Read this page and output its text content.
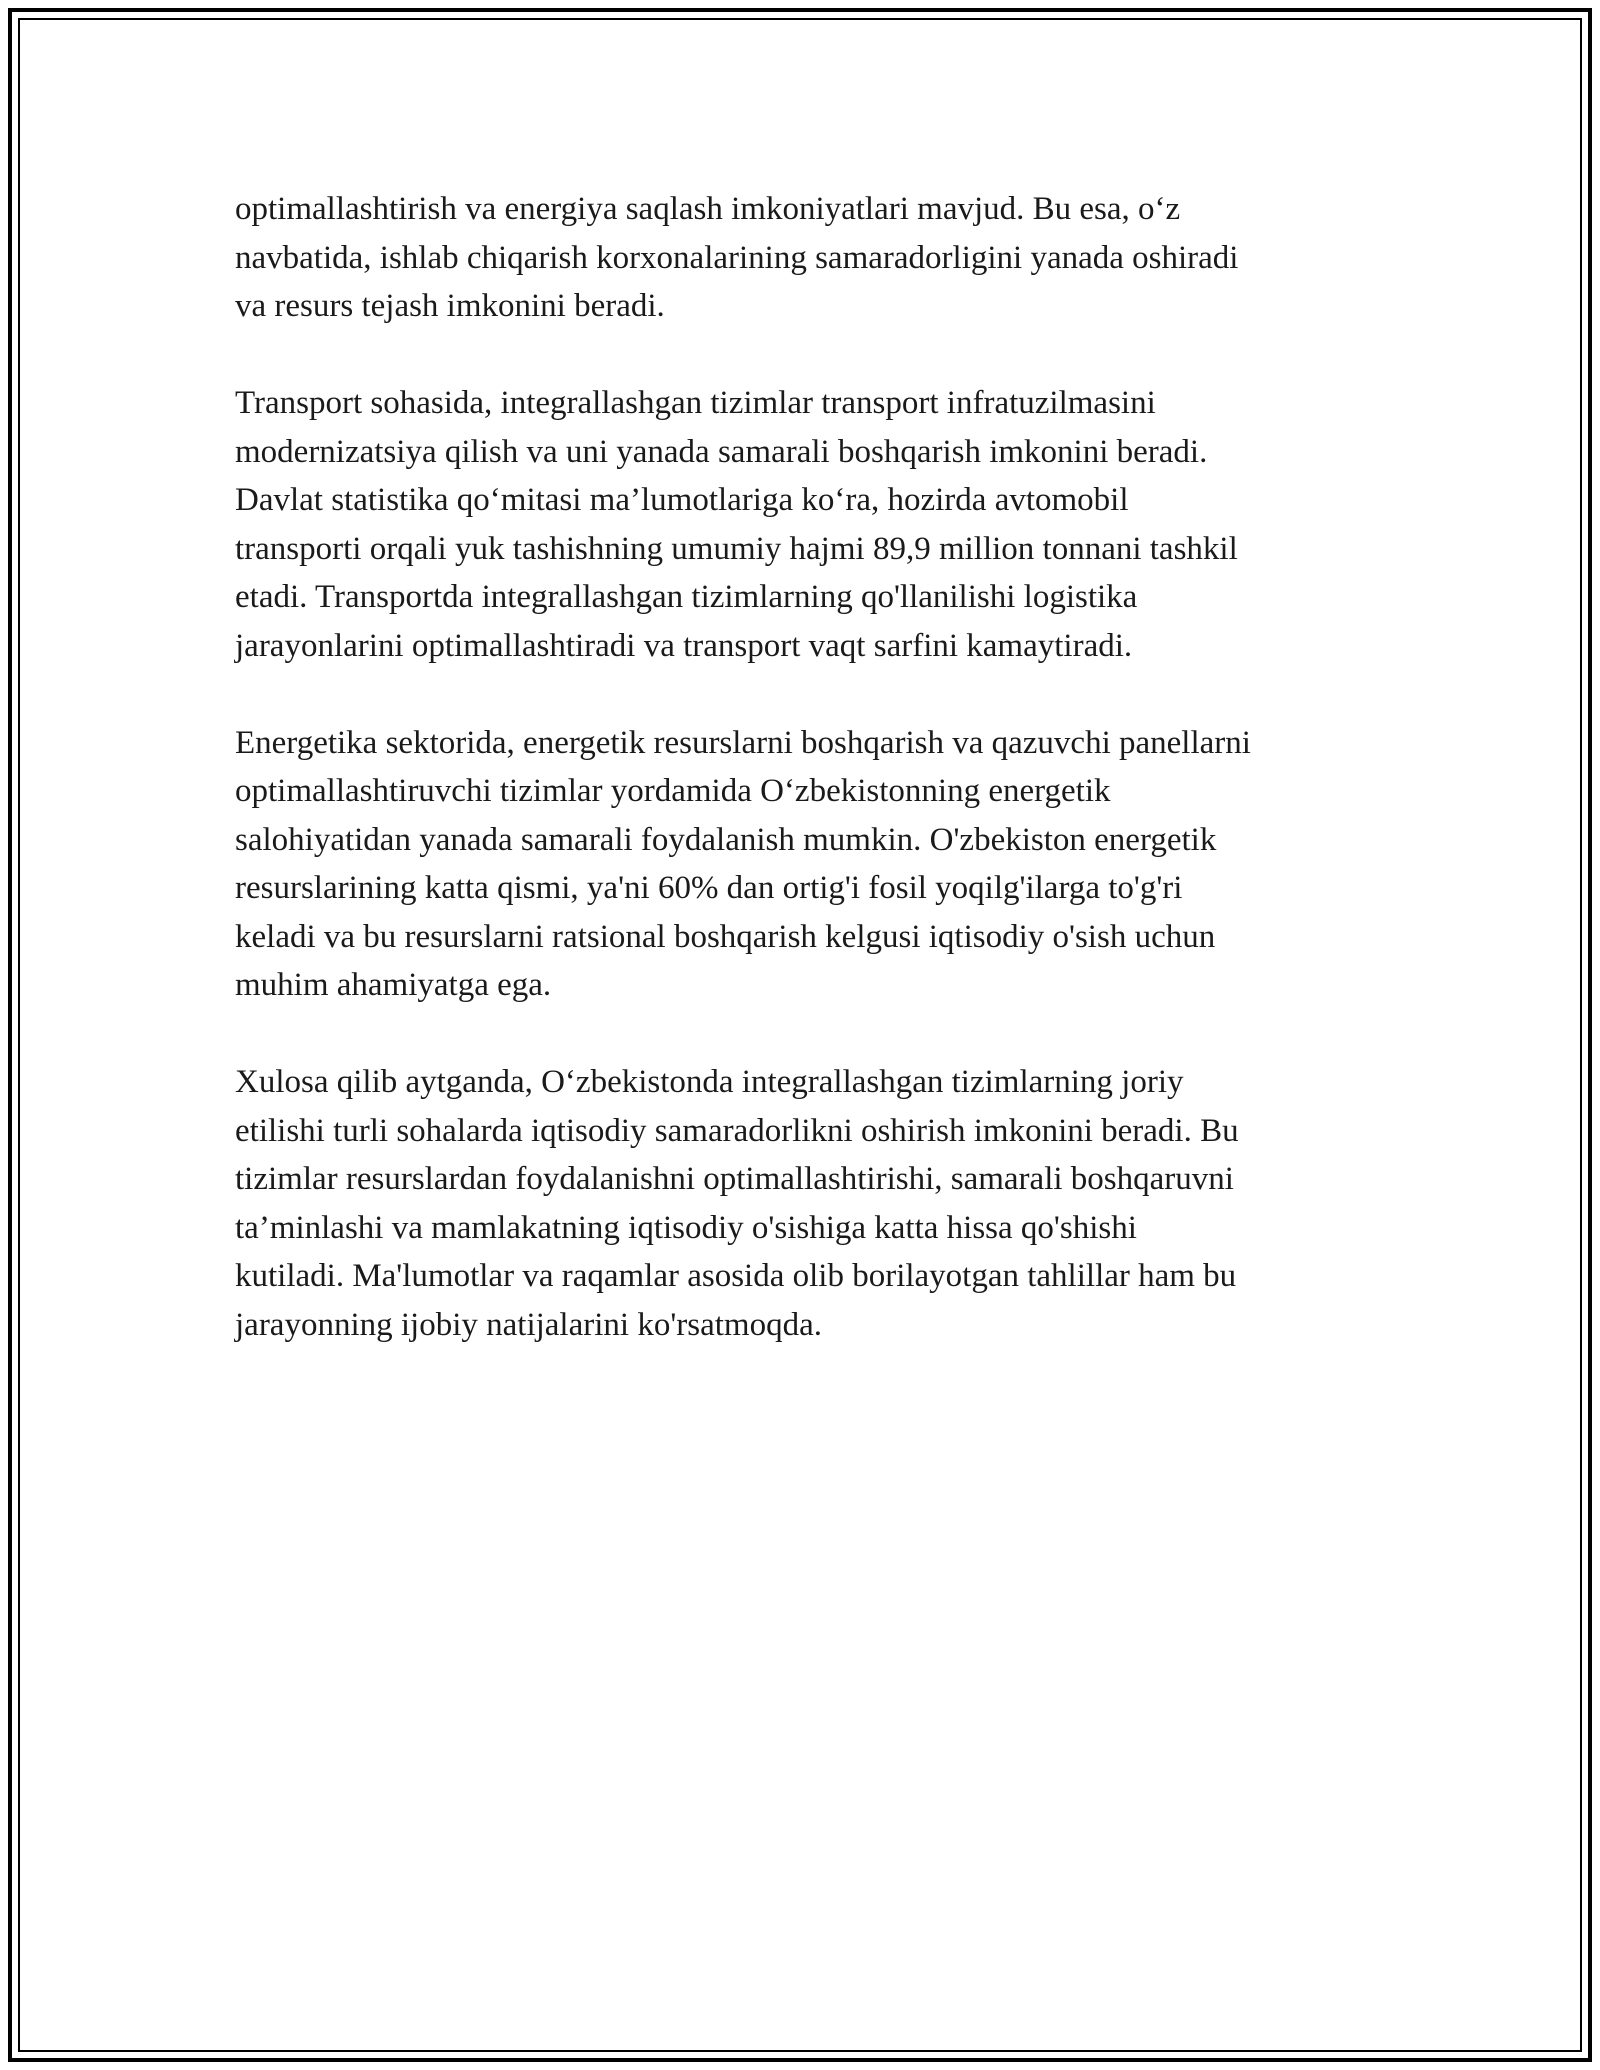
optimallashtirish va energiya saqlash imkoniyatlari mavjud. Bu esa, o‘z
navbatida, ishlab chiqarish korxonalarining samaradorligini yanada oshiradi
va resurs tejash imkonini beradi.

Transport sohasida, integrallashgan tizimlar transport infratuzilmasini
modernizatsiya qilish va uni yanada samarali boshqarish imkonini beradi.
Davlat statistika qo‘mitasi ma’lumotlariga ko‘ra, hozirda avtomobil
transporti orqali yuk tashishning umumiy hajmi 89,9 million tonnani tashkil
etadi. Transportda integrallashgan tizimlarning qo'llanilishi logistika
jarayonlarini optimallashtiradi va transport vaqt sarfini kamaytiradi.

Energetika sektorida, energetik resurslarni boshqarish va qazuvchi panellarni
optimallashtiruvchi tizimlar yordamida O‘zbekistonning energetik
salohiyatidan yanada samarali foydalanish mumkin. O'zbekiston energetik
resurslarining katta qismi, ya'ni 60% dan ortig'i fosil yoqilg'ilarga to'g'ri
keladi va bu resurslarni ratsional boshqarish kelgusi iqtisodiy o'sish uchun
muhim ahamiyatga ega.

Xulosa qilib aytganda, O‘zbekistonda integrallashgan tizimlarning joriy
etilishi turli sohalarda iqtisodiy samaradorlikni oshirish imkonini beradi. Bu
tizimlar resurslardan foydalanishni optimallashtirishi, samarali boshqaruvni
ta’minlashi va mamlakatning iqtisodiy o'sishiga katta hissa qo'shishi
kutiladi. Ma'lumotlar va raqamlar asosida olib borilayotgan tahlillar ham bu
jarayonning ijobiy natijalarini ko'rsatmoqda.
